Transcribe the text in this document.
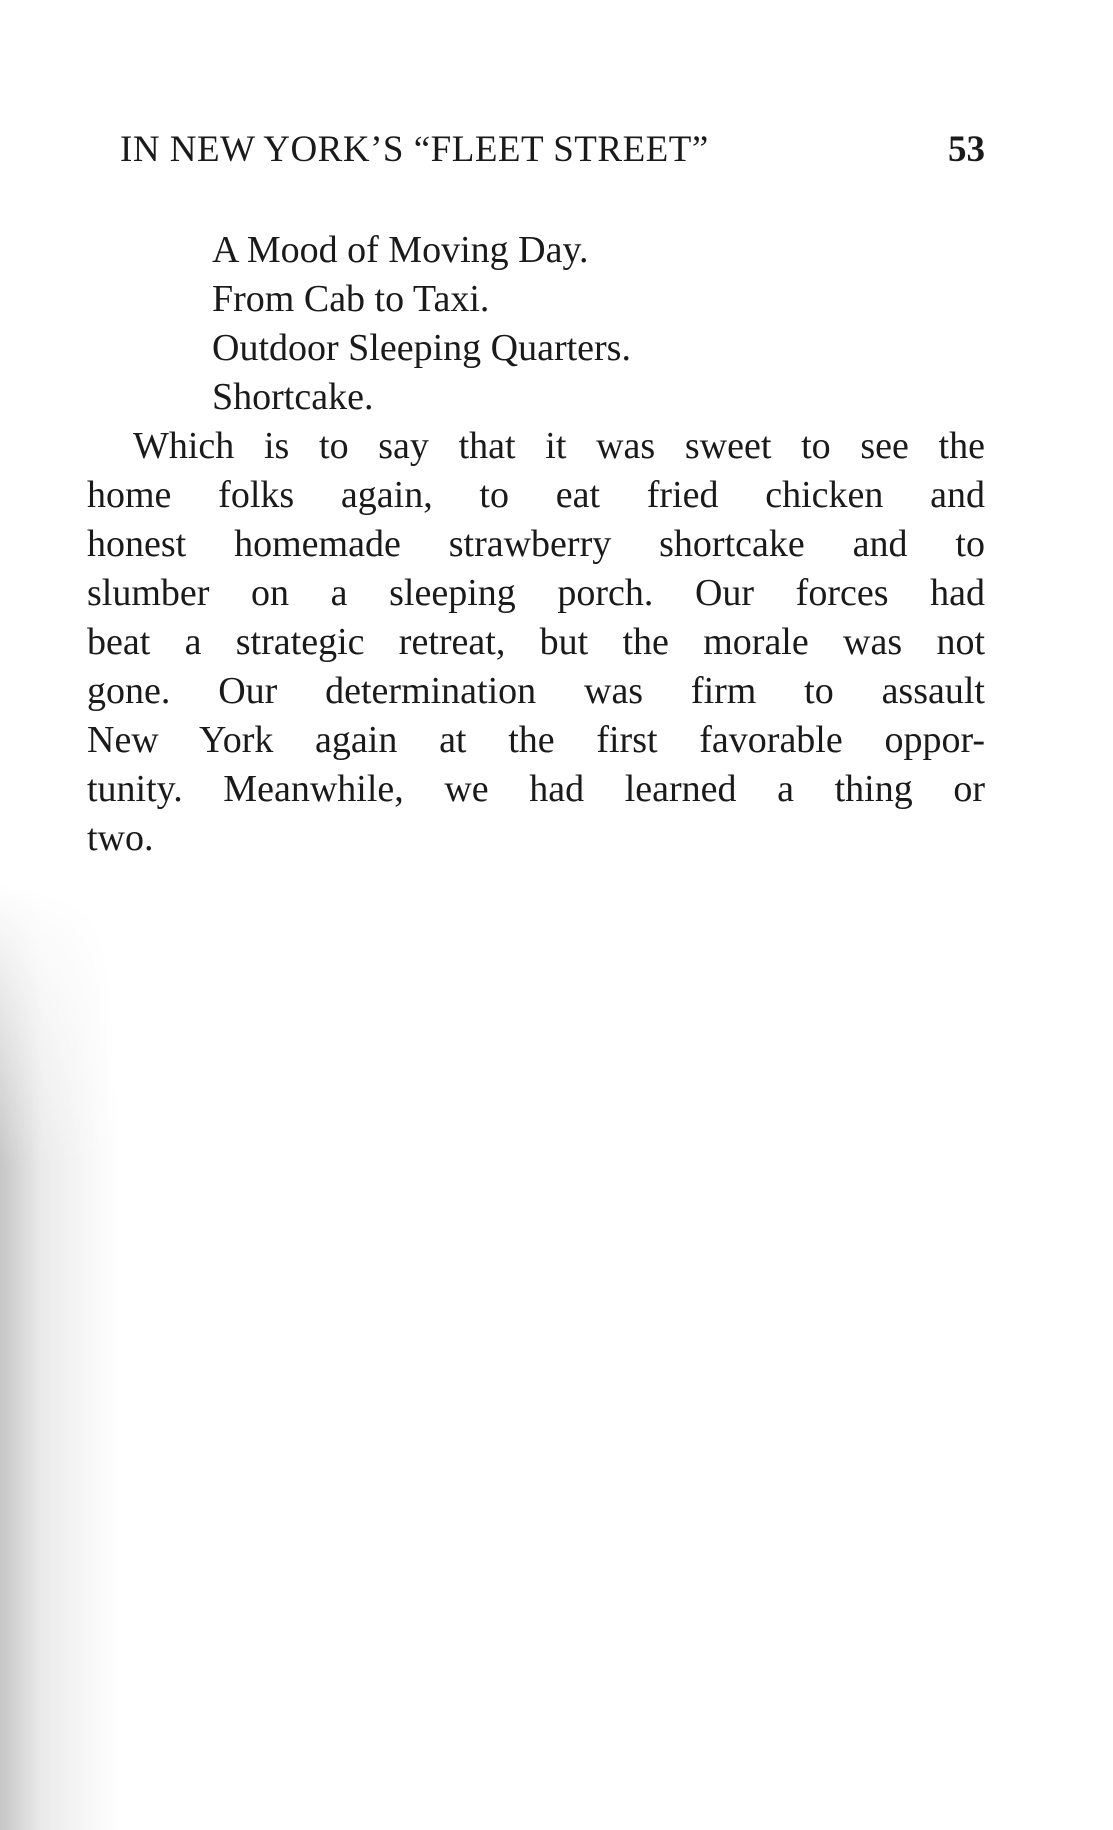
IN NEW YORK’S “FLEET STREET”	53
A Mood of Moving Day.
From Cab to Taxi.
Outdoor Sleeping Quarters.
Shortcake.

Which is to say that it was sweet to see the
home folks again, to eat fried chicken and
honest homemade strawberry shortcake and to
slumber on a sleeping porch. Our forces had
beat a strategic retreat, but the morale was not
gone. Our determination was firm to assault
New York again at the first favorable oppor-
tunity. Meanwhile, we had learned a thing or
two.
